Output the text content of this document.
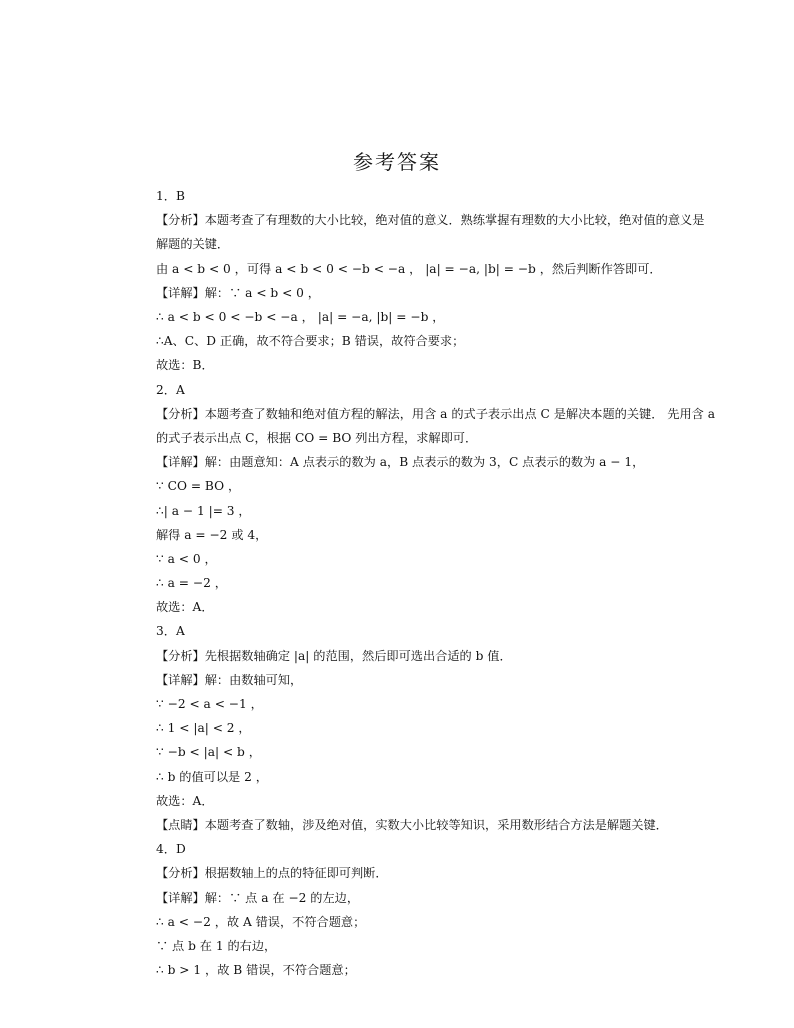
参考答案
1．B
【分析】本题考查了有理数的大小比较，绝对值的意义．熟练掌握有理数的大小比较，绝对值的意义是解题的关键．
由 a < b < 0 ，可得 a < b < 0 < −b < −a ， |a| = −a, |b| = −b ，然后判断作答即可．
【详解】解：∵ a < b < 0 ，
∴ a < b < 0 < −b < −a ， |a| = −a, |b| = −b ，
∴A、C、D 正确，故不符合要求；B 错误，故符合要求；
故选：B．
2．A
【分析】本题考查了数轴和绝对值方程的解法，用含 a 的式子表示出点 C 是解决本题的关键． 先用含 a 的式子表示出点 C，根据 CO = BO 列出方程，求解即可．
【详解】解：由题意知：A 点表示的数为 a，B 点表示的数为 3，C 点表示的数为 a − 1，
∵ CO = BO ，
∴| a − 1 |= 3 ，
解得 a = −2 或 4，
∵ a < 0 ，
∴ a = −2 ，
故选：A．
3．A
【分析】先根据数轴确定 |a| 的范围，然后即可选出合适的 b 值．
【详解】解：由数轴可知，
∵ −2 < a < −1 ，
∴ 1 < |a| < 2 ，
∵ −b < |a| < b ，
∴ b 的值可以是 2 ，
故选：A．
【点睛】本题考查了数轴，涉及绝对值，实数大小比较等知识，采用数形结合方法是解题关键．
4．D
【分析】根据数轴上的点的特征即可判断．
【详解】解：∵ 点 a 在 −2 的左边，
∴ a < −2 ，故 A 错误，不符合题意；
∵ 点 b 在 1 的右边，
∴ b > 1 ，故 B 错误，不符合题意；
